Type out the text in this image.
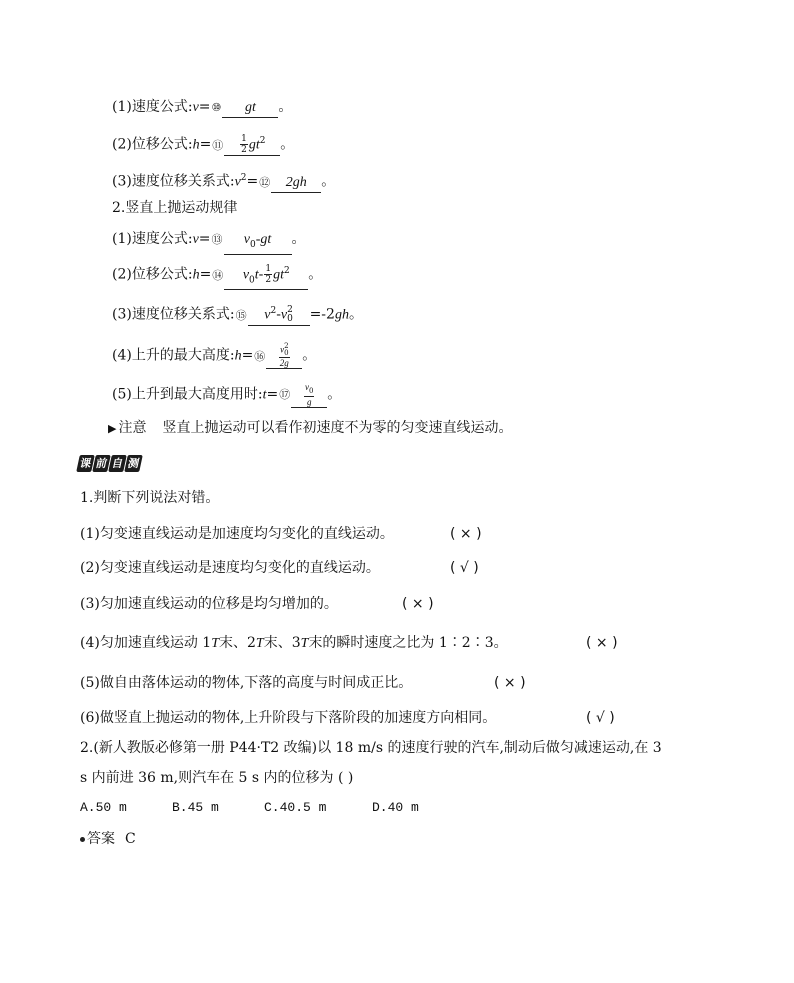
(1)速度公式:v=⑩ gt 。
(2)位移公式:h=⑪ $\frac{1}{2} gt^2$ 。
(3)速度位移关系式$:v^2=⑫$ 2gh 。
2.竖直上抛运动规律
(1)速度公式:v=⑬ $v_0-gt$ 。
(2)位移公式:h=⑭ $v_0t- \frac{1}{2} gt^2$ 。
(3)速度位移关系式:⑮ $v^2-v$ 2
0 =-2gh。
(4)上升的最大高度:h=⑯ v 2
0
2g 。
(5)上升到最大高度用时:t=⑰ $\frac{v_0}{g}$ 。
▶ 注意 竖直上抛运动可以看作初速度不为零的匀变速直线运动。
课 前 自 测
1.判断下列说法对错。
(1)匀变速直线运动是加速度均匀变化的直线运动。	( × )
(2)匀变速直线运动是速度均匀变化的直线运动。	( √ )
(3)匀加速直线运动的位移是均匀增加的。	( × )
(4)匀加速直线运动 1T末、2T末、3T末的瞬时速度之比为 1∶2∶3。	( × )
(5)做自由落体运动的物体,下落的高度与时间成正比。	( × )
(6)做竖直上抛运动的物体,上升阶段与下落阶段的加速度方向相同。	( √ )
2.(新人教版必修第一册 P44·T2 改编)以 18 m/s 的速度行驶的汽车,制动后做匀减速运动,在 3
s 内前进 36 m,则汽车在 5 s 内的位移为 ( )
A.50 m	B.45 m	C.40.5 m	D.40 m
答案 C
